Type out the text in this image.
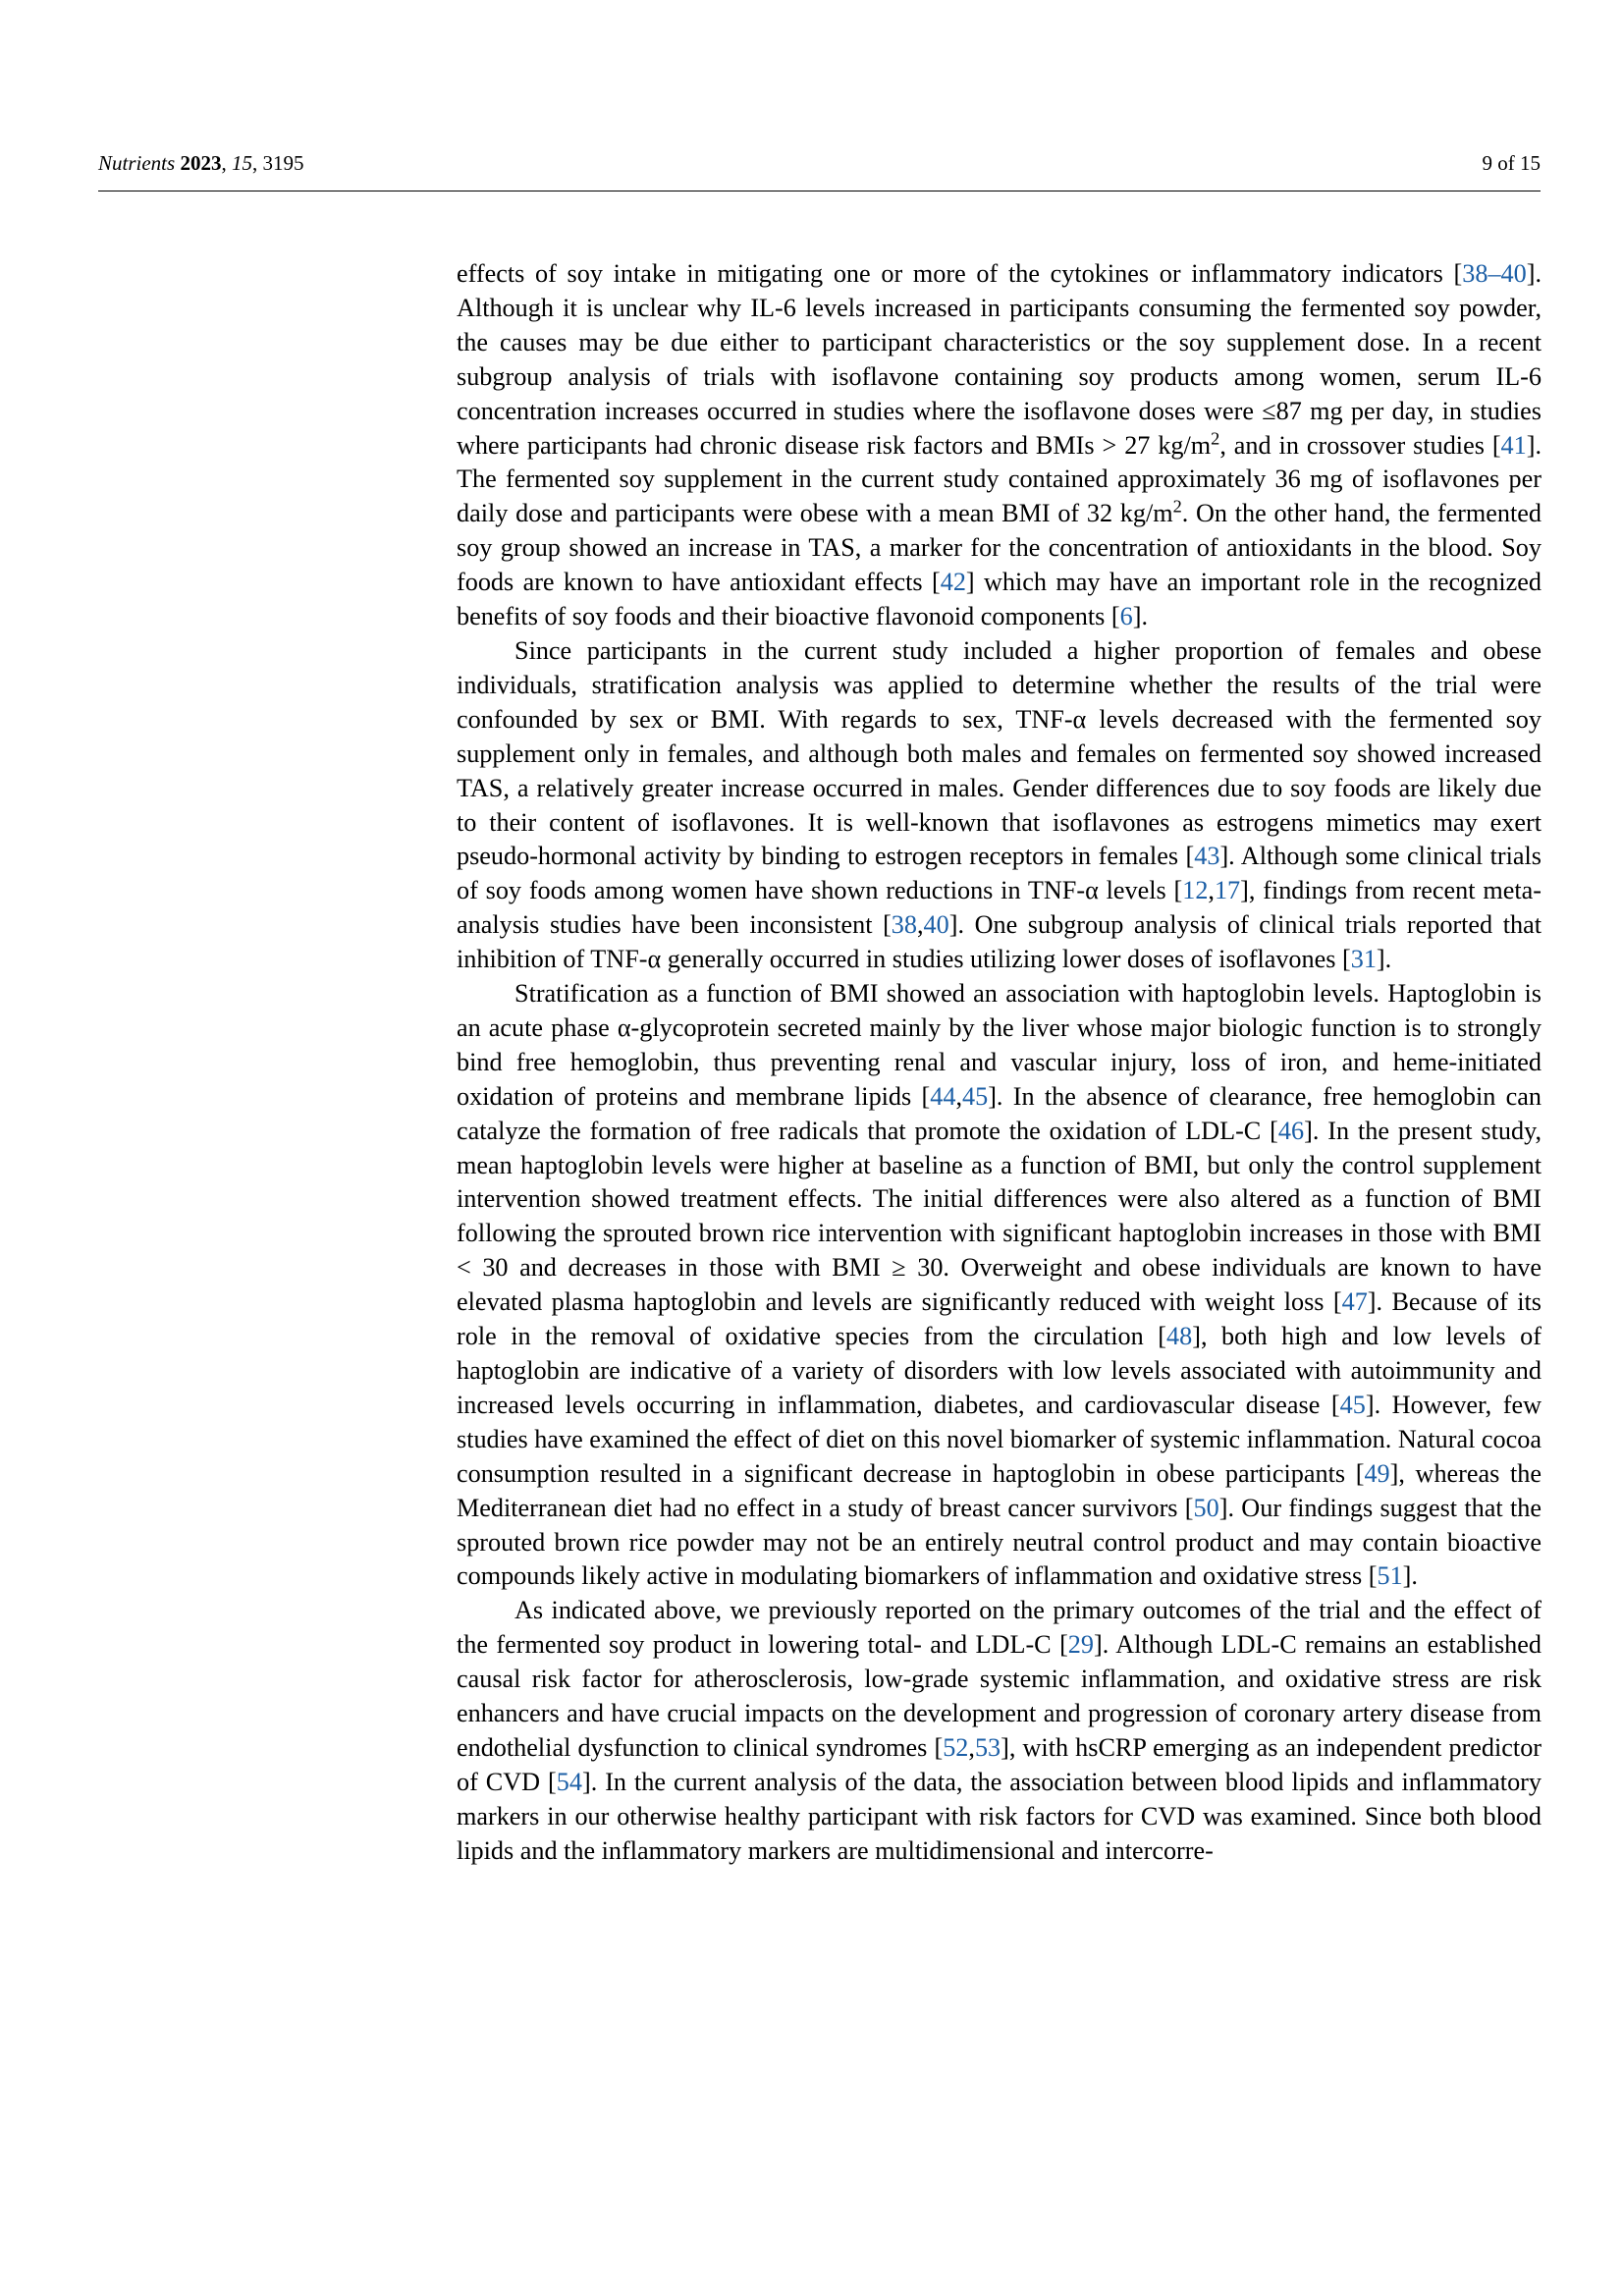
Nutrients 2023, 15, 3195	9 of 15

effects of soy intake in mitigating one or more of the cytokines or inflammatory indicators [38–40]. Although it is unclear why IL-6 levels increased in participants consuming the fermented soy powder, the causes may be due either to participant characteristics or the soy supplement dose. In a recent subgroup analysis of trials with isoflavone containing soy products among women, serum IL-6 concentration increases occurred in studies where the isoflavone doses were ≤87 mg per day, in studies where participants had chronic disease risk factors and BMIs > 27 $kg/m^2$, and in crossover studies [41]. The fermented soy supplement in the current study contained approximately 36 mg of isoflavones per daily dose and participants were obese with a mean BMI of 32 $kg/m^2$. On the other hand, the fermented soy group showed an increase in TAS, a marker for the concentration of antioxidants in the blood. Soy foods are known to have antioxidant effects [42] which may have an important role in the recognized benefits of soy foods and their bioactive flavonoid components [6].

Since participants in the current study included a higher proportion of females and obese individuals, stratification analysis was applied to determine whether the results of the trial were confounded by sex or BMI. With regards to sex, TNF-α levels decreased with the fermented soy supplement only in females, and although both males and females on fermented soy showed increased TAS, a relatively greater increase occurred in males. Gender differences due to soy foods are likely due to their content of isoflavones. It is well-known that isoflavones as estrogens mimetics may exert pseudo-hormonal activity by binding to estrogen receptors in females [43]. Although some clinical trials of soy foods among women have shown reductions in TNF-α levels [12,17], findings from recent meta-analysis studies have been inconsistent [38,40]. One subgroup analysis of clinical trials reported that inhibition of TNF-α generally occurred in studies utilizing lower doses of isoflavones [31].

Stratification as a function of BMI showed an association with haptoglobin levels. Haptoglobin is an acute phase α-glycoprotein secreted mainly by the liver whose major biologic function is to strongly bind free hemoglobin, thus preventing renal and vascular injury, loss of iron, and heme-initiated oxidation of proteins and membrane lipids [44,45]. In the absence of clearance, free hemoglobin can catalyze the formation of free radicals that promote the oxidation of LDL-C [46]. In the present study, mean haptoglobin levels were higher at baseline as a function of BMI, but only the control supplement intervention showed treatment effects. The initial differences were also altered as a function of BMI following the sprouted brown rice intervention with significant haptoglobin increases in those with BMI < 30 and decreases in those with BMI ≥ 30. Overweight and obese individuals are known to have elevated plasma haptoglobin and levels are significantly reduced with weight loss [47]. Because of its role in the removal of oxidative species from the circulation [48], both high and low levels of haptoglobin are indicative of a variety of disorders with low levels associated with autoimmunity and increased levels occurring in inflammation, diabetes, and cardiovascular disease [45]. However, few studies have examined the effect of diet on this novel biomarker of systemic inflammation. Natural cocoa consumption resulted in a significant decrease in haptoglobin in obese participants [49], whereas the Mediterranean diet had no effect in a study of breast cancer survivors [50]. Our findings suggest that the sprouted brown rice powder may not be an entirely neutral control product and may contain bioactive compounds likely active in modulating biomarkers of inflammation and oxidative stress [51].

As indicated above, we previously reported on the primary outcomes of the trial and the effect of the fermented soy product in lowering total- and LDL-C [29]. Although LDL-C remains an established causal risk factor for atherosclerosis, low-grade systemic inflammation, and oxidative stress are risk enhancers and have crucial impacts on the development and progression of coronary artery disease from endothelial dysfunction to clinical syndromes [52,53], with hsCRP emerging as an independent predictor of CVD [54]. In the current analysis of the data, the association between blood lipids and inflammatory markers in our otherwise healthy participant with risk factors for CVD was examined. Since both blood lipids and the inflammatory markers are multidimensional and intercorre-
